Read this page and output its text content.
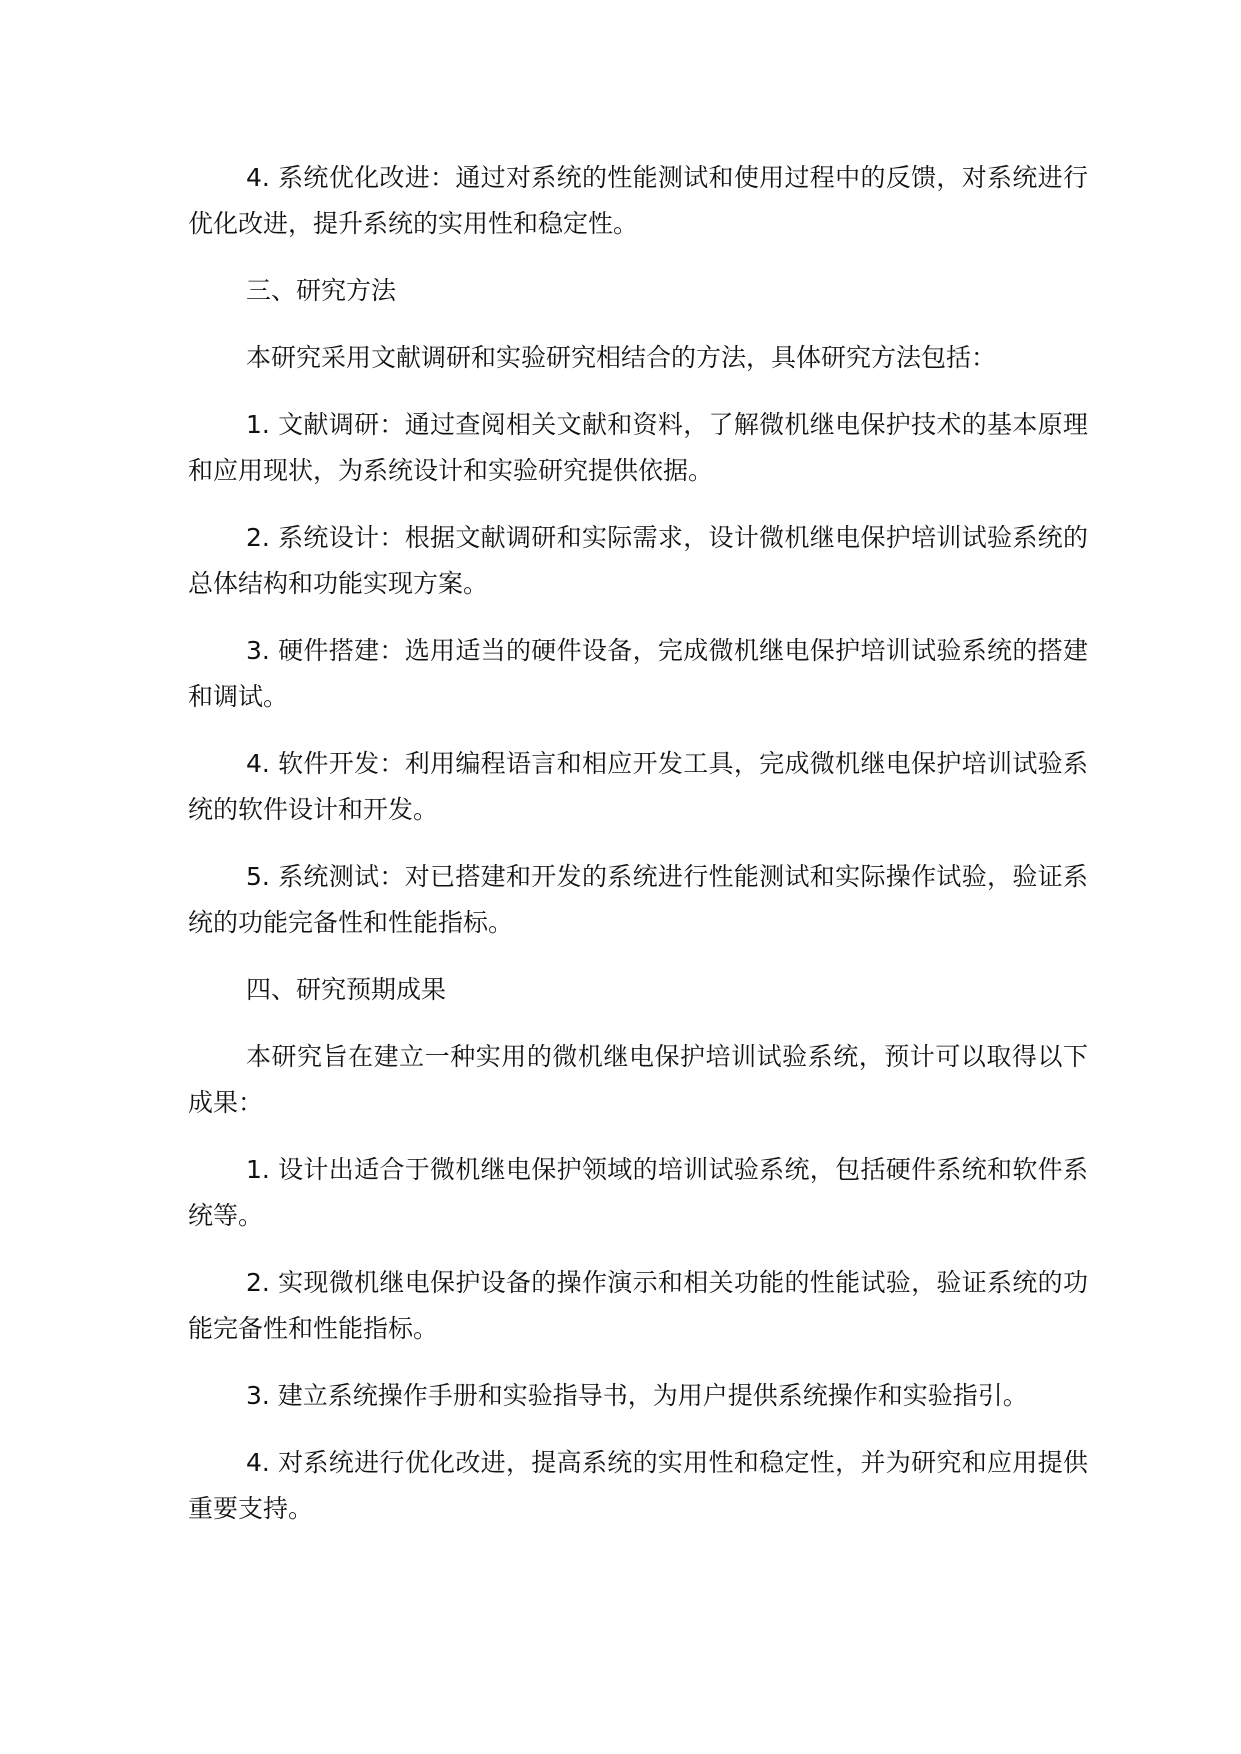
4. 系统优化改进：通过对系统的性能测试和使用过程中的反馈，对系统进行优化改进，提升系统的实用性和稳定性。

三、研究方法

本研究采用文献调研和实验研究相结合的方法，具体研究方法包括：

1. 文献调研：通过查阅相关文献和资料，了解微机继电保护技术的基本原理和应用现状，为系统设计和实验研究提供依据。

2. 系统设计：根据文献调研和实际需求，设计微机继电保护培训试验系统的总体结构和功能实现方案。

3. 硬件搭建：选用适当的硬件设备，完成微机继电保护培训试验系统的搭建和调试。

4. 软件开发：利用编程语言和相应开发工具，完成微机继电保护培训试验系统的软件设计和开发。

5. 系统测试：对已搭建和开发的系统进行性能测试和实际操作试验，验证系统的功能完备性和性能指标。

四、研究预期成果

本研究旨在建立一种实用的微机继电保护培训试验系统，预计可以取得以下成果：

1. 设计出适合于微机继电保护领域的培训试验系统，包括硬件系统和软件系统等。

2. 实现微机继电保护设备的操作演示和相关功能的性能试验，验证系统的功能完备性和性能指标。

3. 建立系统操作手册和实验指导书，为用户提供系统操作和实验指引。

4. 对系统进行优化改进，提高系统的实用性和稳定性，并为研究和应用提供重要支持。
